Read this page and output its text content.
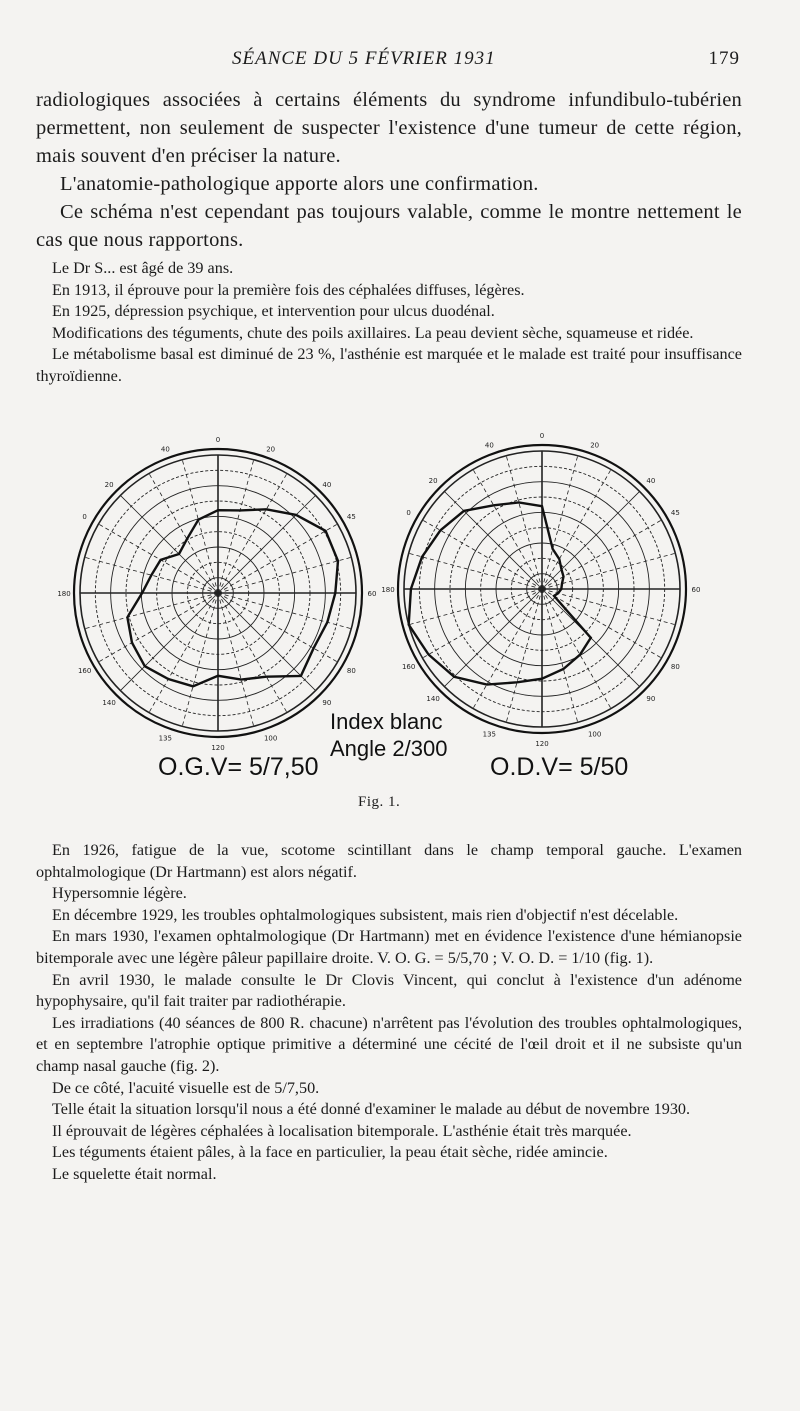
SÉANCE DU 5 FÉVRIER 1931	179

radiologiques associées à certains éléments du syndrome infundibulo-tubérien permettent, non seulement de suspecter l'existence d'une tumeur de cette région, mais souvent d'en préciser la nature.

L'anatomie-pathologique apporte alors une confirmation.

Ce schéma n'est cependant pas toujours valable, comme le montre nettement le cas que nous rapportons.

Le Dr S... est âgé de 39 ans.

En 1913, il éprouve pour la première fois des céphalées diffuses, légères.

En 1925, dépression psychique, et intervention pour ulcus duodénal.

Modifications des téguments, chute des poils axillaires. La peau devient sèche, squameuse et ridée.

Le métabolisme basal est diminué de 23 %, l'asthénie est marquée et le malade est traité pour insuffisance thyroïdienne.

0
20
40
45
60
80
90
100
120
135
140
160
180
0
20
40
0
20
40
45
60
80
90
100
120
135
140
160
180
0
20
40
O.G.V= 5/7,50	O.D.V= 5/50
Index blanc
Angle 2/300
Fig. 1.

En 1926, fatigue de la vue, scotome scintillant dans le champ temporal gauche. L'examen ophtalmologique (Dr Hartmann) est alors négatif.

Hypersomnie légère.

En décembre 1929, les troubles ophtalmologiques subsistent, mais rien d'objectif n'est décelable.

En mars 1930, l'examen ophtalmologique (Dr Hartmann) met en évidence l'existence d'une hémianopsie bitemporale avec une légère pâleur papillaire droite. V. O. G. = 5/5,70 ; V. O. D. = 1/10 (fig. 1).

En avril 1930, le malade consulte le Dr Clovis Vincent, qui conclut à l'existence d'un adénome hypophysaire, qu'il fait traiter par radiothérapie.

Les irradiations (40 séances de 800 R. chacune) n'arrêtent pas l'évolution des troubles ophtalmologiques, et en septembre l'atrophie optique primitive a déterminé une cécité de l'œil droit et il ne subsiste qu'un champ nasal gauche (fig. 2).

De ce côté, l'acuité visuelle est de 5/7,50.

Telle était la situation lorsqu'il nous a été donné d'examiner le malade au début de novembre 1930.

Il éprouvait de légères céphalées à localisation bitemporale. L'asthénie était très marquée.

Les téguments étaient pâles, à la face en particulier, la peau était sèche, ridée amincie.

Le squelette était normal.
